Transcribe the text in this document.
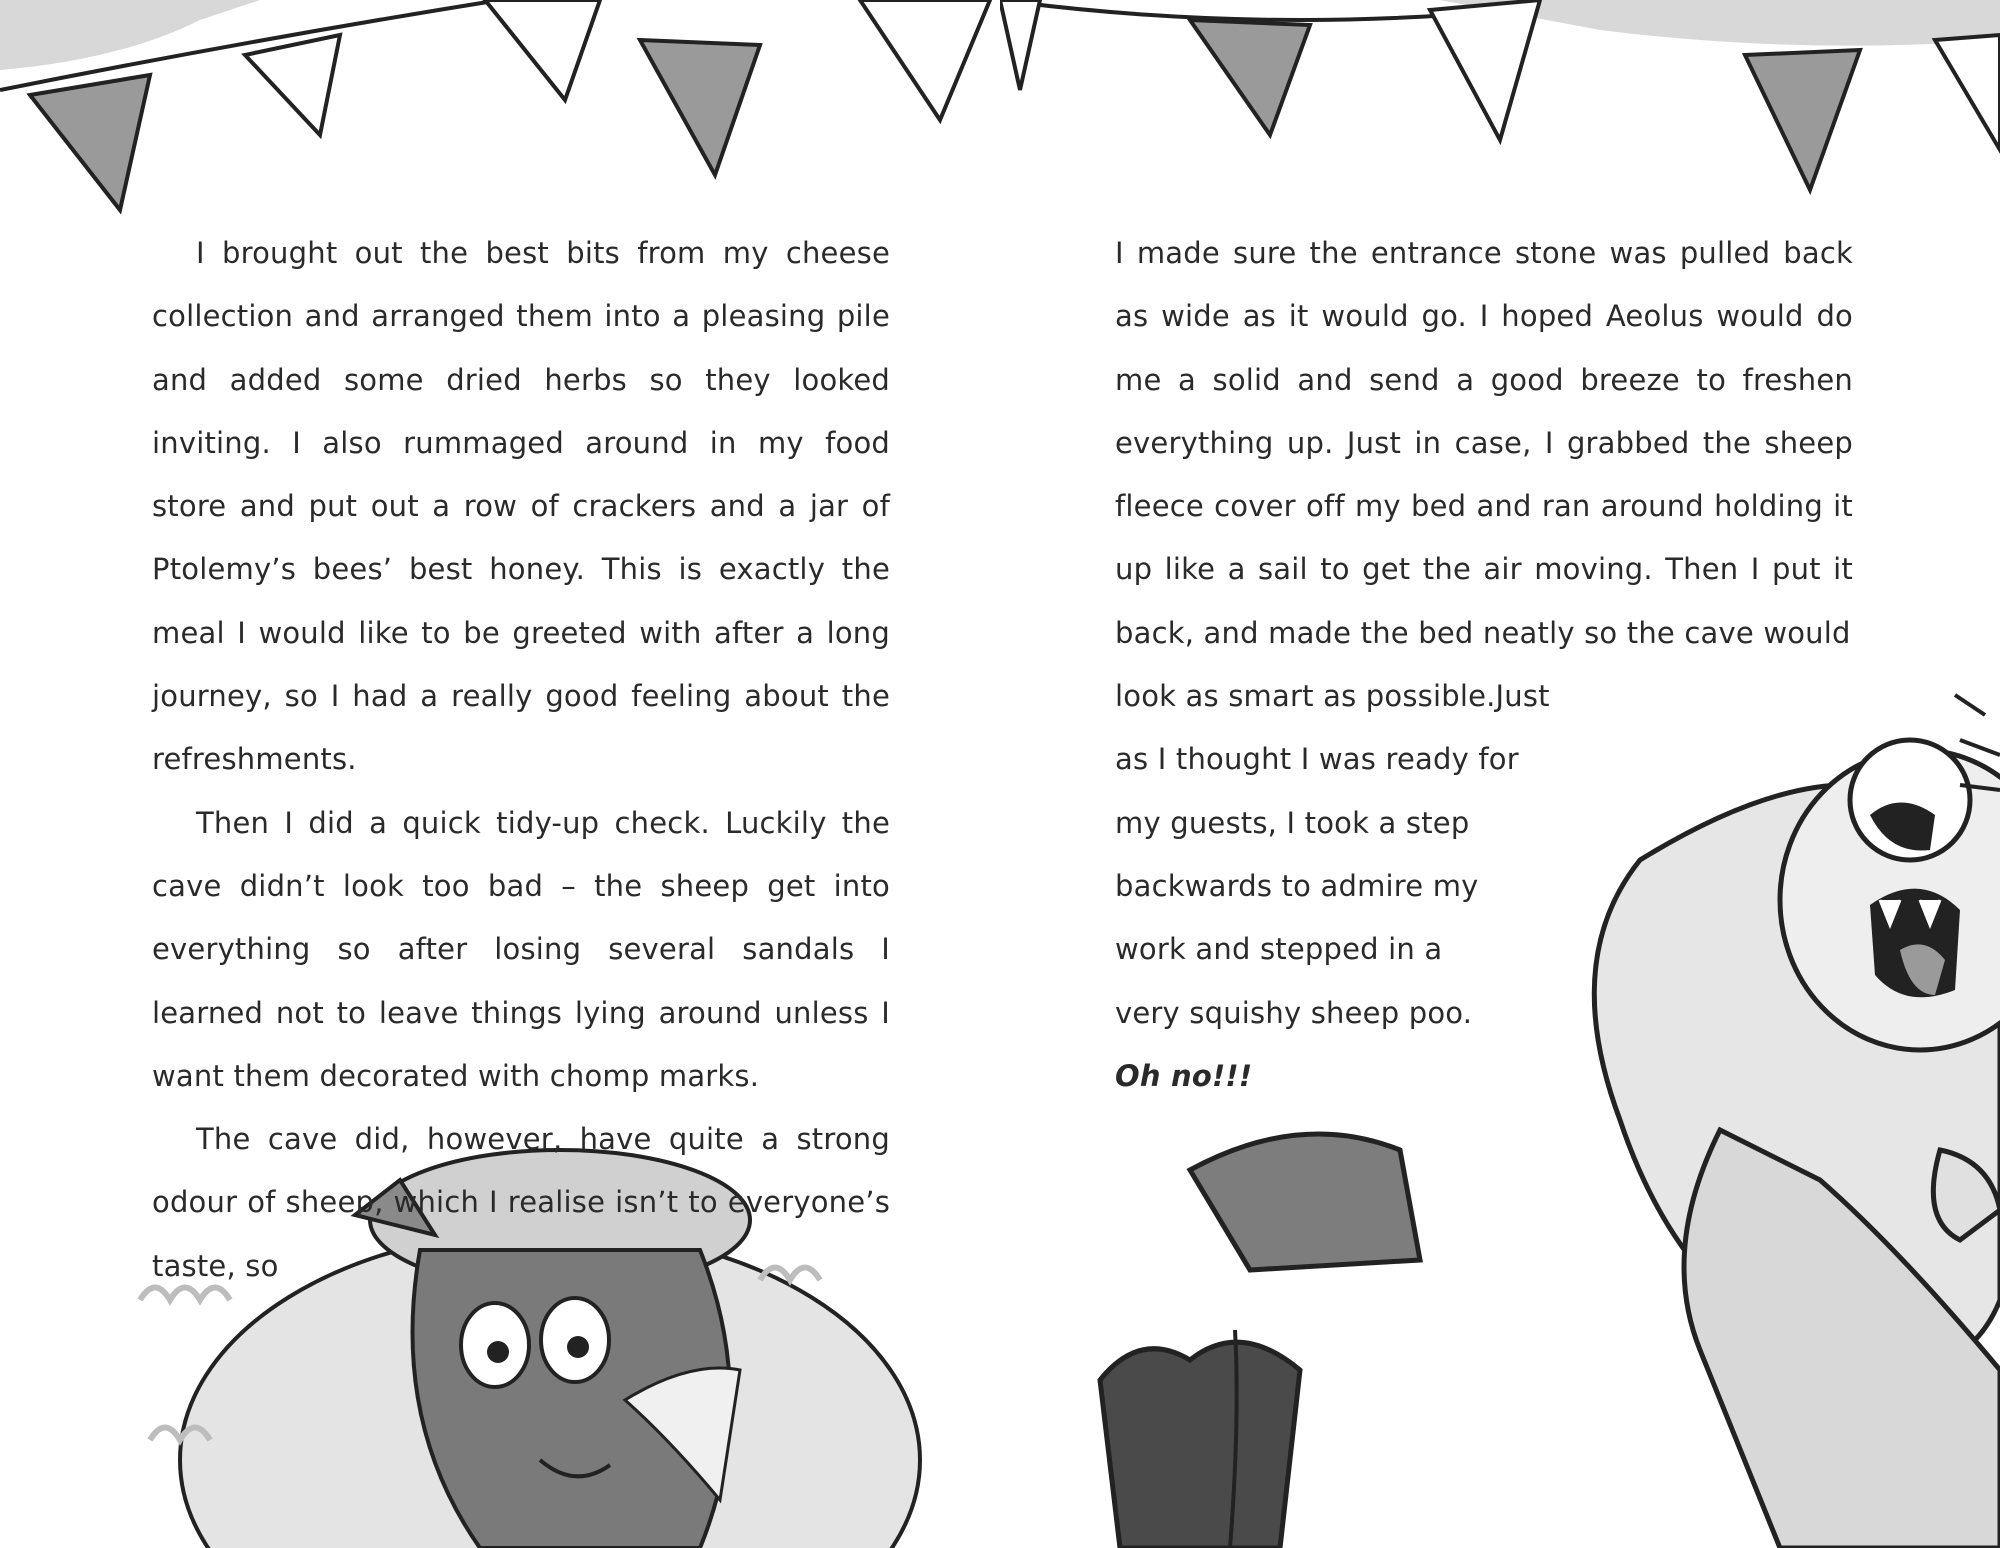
I brought out the best bits from my cheese collection and arranged them into a pleasing pile and added some dried herbs so they looked inviting. I also rummaged around in my food store and put out a row of crackers and a jar of Ptolemy’s bees’ best honey. This is exactly the meal I would like to be greeted with after a long journey, so I had a really good feeling about the refreshments.

Then I did a quick tidy-up check. Luckily the cave didn’t look too bad – the sheep get into everything so after losing several sandals I learned not to leave things lying around unless I want them decorated with chomp marks.

The cave did, however, have quite a strong odour of sheep, which I realise isn’t to everyone’s taste, so

I made sure the entrance stone was pulled back as wide as it would go. I hoped Aeolus would do me a solid and send a good breeze to freshen everything up. Just in case, I grabbed the sheep fleece cover off my bed and ran around holding it up like a sail to get the air moving. Then I put it back, and made the bed neatly so the cave would

look as smart as possible.Just
as I thought I was ready for
my guests, I took a step
backwards to admire my
work and stepped in a
very squishy sheep poo.
Oh no!!!
